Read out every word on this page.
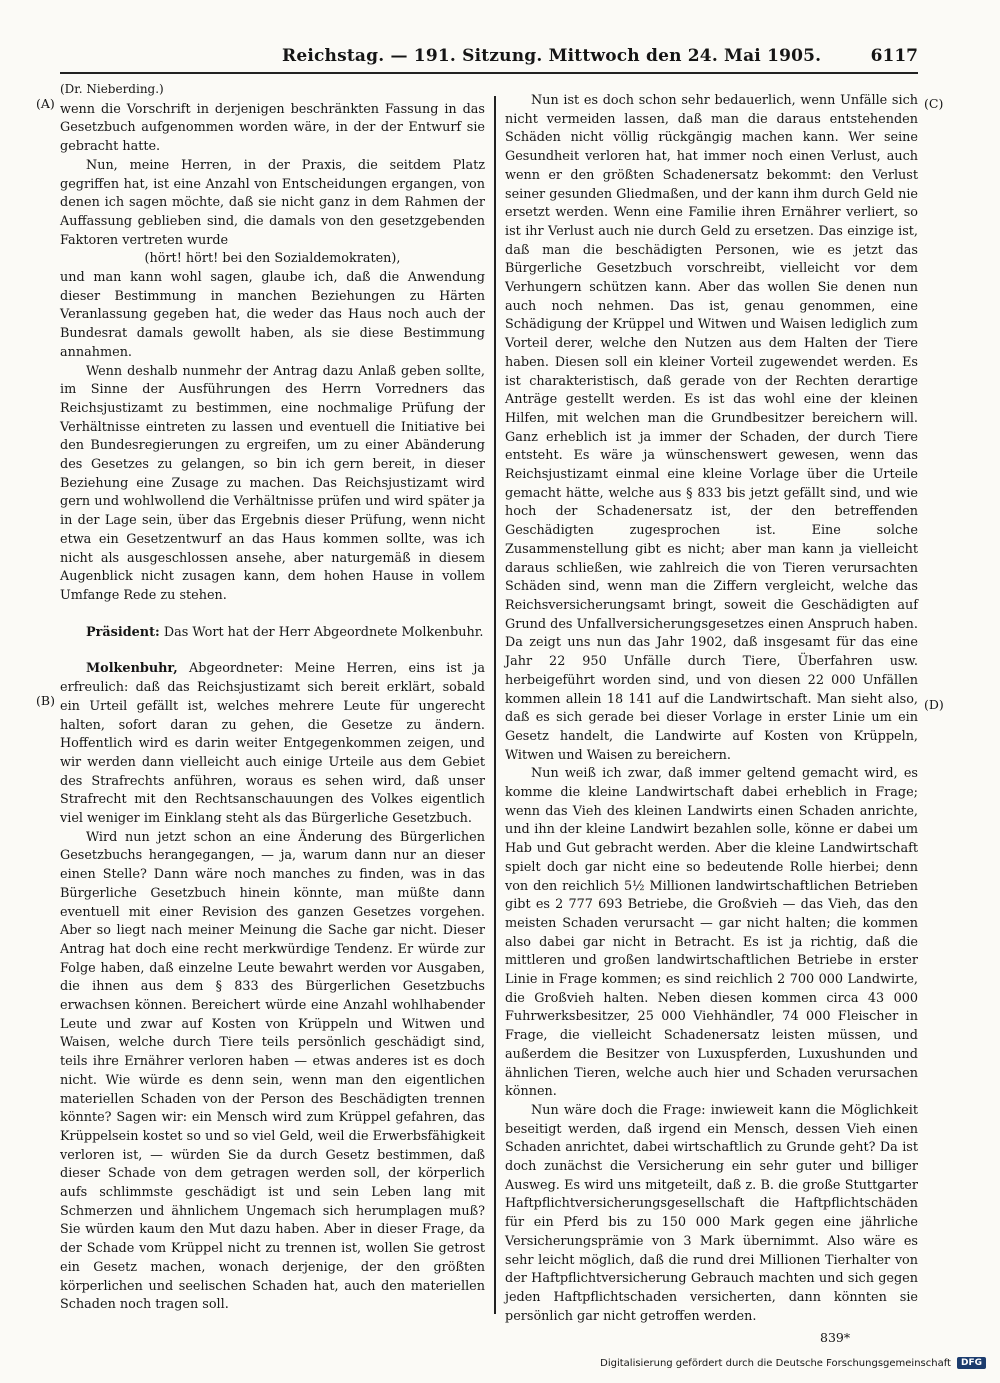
Reichstag. — 191. Sitzung. Mittwoch den 24. Mai 1905.	6117
(A)
(B)
(C)
(D)
(Dr. Nieberding.)

wenn die Vorschrift in derjenigen beschränkten Fassung in das Gesetzbuch aufgenommen worden wäre, in der der Entwurf sie gebracht hatte.

Nun, meine Herren, in der Praxis, die seitdem Platz gegriffen hat, ist eine Anzahl von Entscheidungen ergangen, von denen ich sagen möchte, daß sie nicht ganz in dem Rahmen der Auffassung geblieben sind, die damals von den gesetzgebenden Faktoren vertreten wurde

(hört! hört! bei den Sozialdemokraten),

und man kann wohl sagen, glaube ich, daß die Anwendung dieser Bestimmung in manchen Beziehungen zu Härten Veranlassung gegeben hat, die weder das Haus noch auch der Bundesrat damals gewollt haben, als sie diese Bestimmung annahmen.

Wenn deshalb nunmehr der Antrag dazu Anlaß geben sollte, im Sinne der Ausführungen des Herrn Vorredners das Reichsjustizamt zu bestimmen, eine nochmalige Prüfung der Verhältnisse eintreten zu lassen und eventuell die Initiative bei den Bundesregierungen zu ergreifen, um zu einer Abänderung des Gesetzes zu gelangen, so bin ich gern bereit, in dieser Beziehung eine Zusage zu machen. Das Reichsjustizamt wird gern und wohlwollend die Verhältnisse prüfen und wird später ja in der Lage sein, über das Ergebnis dieser Prüfung, wenn nicht etwa ein Gesetzentwurf an das Haus kommen sollte, was ich nicht als ausgeschlossen ansehe, aber naturgemäß in diesem Augenblick nicht zusagen kann, dem hohen Hause in vollem Umfange Rede zu stehen.

Präsident: Das Wort hat der Herr Abgeordnete Molkenbuhr.

Molkenbuhr, Abgeordneter: Meine Herren, eins ist ja erfreulich: daß das Reichsjustizamt sich bereit erklärt, sobald ein Urteil gefällt ist, welches mehrere Leute für ungerecht halten, sofort daran zu gehen, die Gesetze zu ändern. Hoffentlich wird es darin weiter Entgegenkommen zeigen, und wir werden dann vielleicht auch einige Urteile aus dem Gebiet des Strafrechts anführen, woraus es sehen wird, daß unser Strafrecht mit den Rechtsanschauungen des Volkes eigentlich viel weniger im Einklang steht als das Bürgerliche Gesetzbuch.

Wird nun jetzt schon an eine Änderung des Bürgerlichen Gesetzbuchs herangegangen, — ja, warum dann nur an dieser einen Stelle? Dann wäre noch manches zu finden, was in das Bürgerliche Gesetzbuch hinein könnte, man müßte dann eventuell mit einer Revision des ganzen Gesetzes vorgehen. Aber so liegt nach meiner Meinung die Sache gar nicht. Dieser Antrag hat doch eine recht merkwürdige Tendenz. Er würde zur Folge haben, daß einzelne Leute bewahrt werden vor Ausgaben, die ihnen aus dem § 833 des Bürgerlichen Gesetzbuchs erwachsen können. Bereichert würde eine Anzahl wohlhabender Leute und zwar auf Kosten von Krüppeln und Witwen und Waisen, welche durch Tiere teils persönlich geschädigt sind, teils ihre Ernährer verloren haben — etwas anderes ist es doch nicht. Wie würde es denn sein, wenn man den eigentlichen materiellen Schaden von der Person des Beschädigten trennen könnte? Sagen wir: ein Mensch wird zum Krüppel gefahren, das Krüppelsein kostet so und so viel Geld, weil die Erwerbsfähigkeit verloren ist, — würden Sie da durch Gesetz bestimmen, daß dieser Schade von dem getragen werden soll, der körperlich aufs schlimmste geschädigt ist und sein Leben lang mit Schmerzen und ähnlichem Ungemach sich herumplagen muß? Sie würden kaum den Mut dazu haben. Aber in dieser Frage, da der Schade vom Krüppel nicht zu trennen ist, wollen Sie getrost ein Gesetz machen, wonach derjenige, der den größten körperlichen und seelischen Schaden hat, auch den materiellen Schaden noch tragen soll.

Nun ist es doch schon sehr bedauerlich, wenn Unfälle sich nicht vermeiden lassen, daß man die daraus entstehenden Schäden nicht völlig rückgängig machen kann. Wer seine Gesundheit verloren hat, hat immer noch einen Verlust, auch wenn er den größten Schadenersatz bekommt: den Verlust seiner gesunden Gliedmaßen, und der kann ihm durch Geld nie ersetzt werden. Wenn eine Familie ihren Ernährer verliert, so ist ihr Verlust auch nie durch Geld zu ersetzen. Das einzige ist, daß man die beschädigten Personen, wie es jetzt das Bürgerliche Gesetzbuch vorschreibt, vielleicht vor dem Verhungern schützen kann. Aber das wollen Sie denen nun auch noch nehmen. Das ist, genau genommen, eine Schädigung der Krüppel und Witwen und Waisen lediglich zum Vorteil derer, welche den Nutzen aus dem Halten der Tiere haben. Diesen soll ein kleiner Vorteil zugewendet werden. Es ist charakteristisch, daß gerade von der Rechten derartige Anträge gestellt werden. Es ist das wohl eine der kleinen Hilfen, mit welchen man die Grundbesitzer bereichern will. Ganz erheblich ist ja immer der Schaden, der durch Tiere entsteht. Es wäre ja wünschenswert gewesen, wenn das Reichsjustizamt einmal eine kleine Vorlage über die Urteile gemacht hätte, welche aus § 833 bis jetzt gefällt sind, und wie hoch der Schadenersatz ist, der den betreffenden Geschädigten zugesprochen ist. Eine solche Zusammenstellung gibt es nicht; aber man kann ja vielleicht daraus schließen, wie zahlreich die von Tieren verursachten Schäden sind, wenn man die Ziffern vergleicht, welche das Reichsversicherungsamt bringt, soweit die Geschädigten auf Grund des Unfallversicherungsgesetzes einen Anspruch haben. Da zeigt uns nun das Jahr 1902, daß insgesamt für das eine Jahr 22 950 Unfälle durch Tiere, Überfahren usw. herbeigeführt worden sind, und von diesen 22 000 Unfällen kommen allein 18 141 auf die Landwirtschaft. Man sieht also, daß es sich gerade bei dieser Vorlage in erster Linie um ein Gesetz handelt, die Landwirte auf Kosten von Krüppeln, Witwen und Waisen zu bereichern.

Nun weiß ich zwar, daß immer geltend gemacht wird, es komme die kleine Landwirtschaft dabei erheblich in Frage; wenn das Vieh des kleinen Landwirts einen Schaden anrichte, und ihn der kleine Landwirt bezahlen solle, könne er dabei um Hab und Gut gebracht werden. Aber die kleine Landwirtschaft spielt doch gar nicht eine so bedeutende Rolle hierbei; denn von den reichlich 5½ Millionen landwirtschaftlichen Betrieben gibt es 2 777 693 Betriebe, die Großvieh — das Vieh, das den meisten Schaden verursacht — gar nicht halten; die kommen also dabei gar nicht in Betracht. Es ist ja richtig, daß die mittleren und großen landwirtschaftlichen Betriebe in erster Linie in Frage kommen; es sind reichlich 2 700 000 Landwirte, die Großvieh halten. Neben diesen kommen circa 43 000 Fuhrwerksbesitzer, 25 000 Viehhändler, 74 000 Fleischer in Frage, die vielleicht Schadenersatz leisten müssen, und außerdem die Besitzer von Luxuspferden, Luxushunden und ähnlichen Tieren, welche auch hier und Schaden verursachen können.

Nun wäre doch die Frage: inwieweit kann die Möglichkeit beseitigt werden, daß irgend ein Mensch, dessen Vieh einen Schaden anrichtet, dabei wirtschaftlich zu Grunde geht? Da ist doch zunächst die Versicherung ein sehr guter und billiger Ausweg. Es wird uns mitgeteilt, daß z. B. die große Stuttgarter Haftpflichtversicherungsgesellschaft die Haftpflichtschäden für ein Pferd bis zu 150 000 Mark gegen eine jährliche Versicherungsprämie von 3 Mark übernimmt. Also wäre es sehr leicht möglich, daß die rund drei Millionen Tierhalter von der Haftpflichtversicherung Gebrauch machten und sich gegen jeden Haftpflichtschaden versicherten, dann könnten sie persönlich gar nicht getroffen werden.

839*
Digitalisierung gefördert durch die Deutsche Forschungsgemeinschaft	DFG
